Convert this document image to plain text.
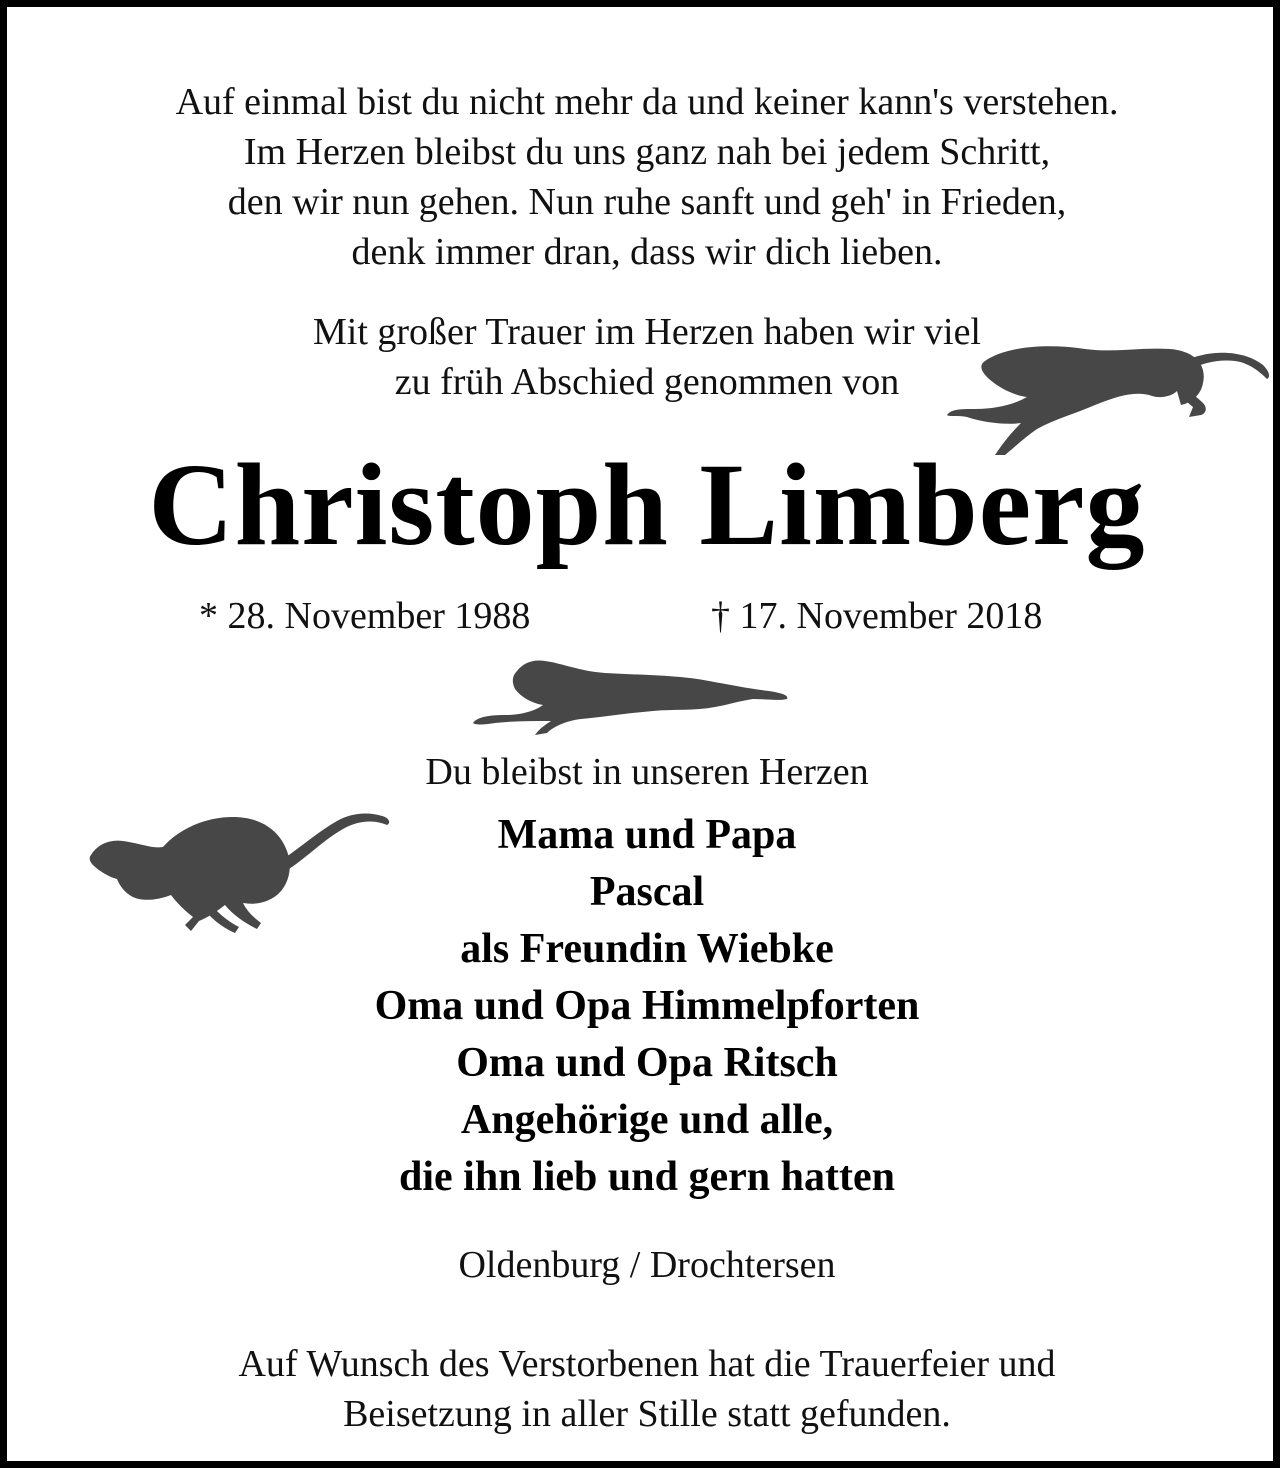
Auf einmal bist du nicht mehr da und keiner kann's verstehen.
Im Herzen bleibst du uns ganz nah bei jedem Schritt,
den wir nun gehen. Nun ruhe sanft und geh' in Frieden,
denk immer dran, dass wir dich lieben.
Mit großer Trauer im Herzen haben wir viel
zu früh Abschied genommen von
Christoph Limberg
* 28. November 1988	† 17. November 2018
Du bleibst in unseren Herzen
Mama und Papa
Pascal
als Freundin Wiebke
Oma und Opa Himmelpforten
Oma und Opa Ritsch
Angehörige und alle,
die ihn lieb und gern hatten
Oldenburg / Drochtersen
Auf Wunsch des Verstorbenen hat die Trauerfeier und
Beisetzung in aller Stille statt gefunden.
